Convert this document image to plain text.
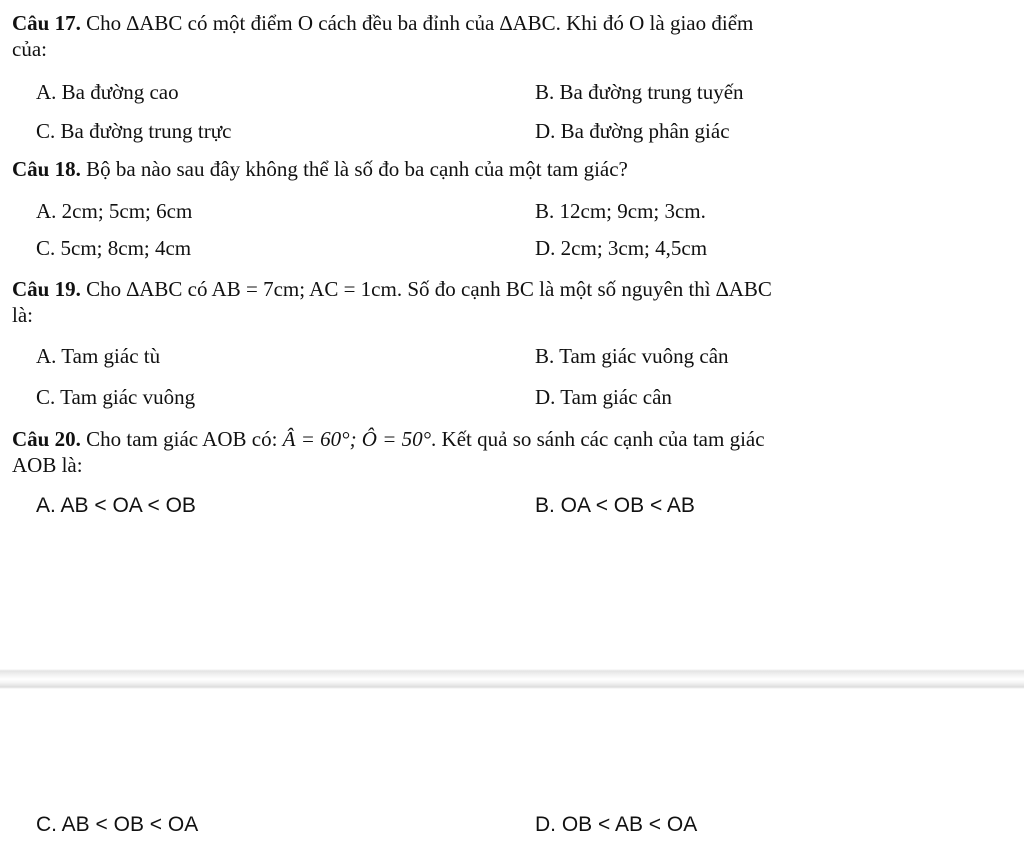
Câu 17. Cho ∆ABC có một điểm O cách đều ba đỉnh của ∆ABC. Khi đó O là giao điểm
của:
A. Ba đường cao	B. Ba đường trung tuyến
C. Ba đường trung trực	D. Ba đường phân giác
Câu 18. Bộ ba nào sau đây không thể là số đo ba cạnh của một tam giác?
A. 2cm; 5cm; 6cm	B. 12cm; 9cm; 3cm.
C. 5cm; 8cm; 4cm	D. 2cm; 3cm; 4,5cm
Câu 19. Cho ∆ABC có AB = 7cm; AC = 1cm. Số đo cạnh BC là một số nguyên thì ∆ABC
là:
A. Tam giác tù	B. Tam giác vuông cân
C. Tam giác vuông	D. Tam giác cân
Câu 20. Cho tam giác AOB có: Â = 60°; Ô = 50°. Kết quả so sánh các cạnh của tam giác
AOB là:
A. AB < OA < OB	B. OA < OB < AB
C. AB < OB < OA	D. OB < AB < OA
